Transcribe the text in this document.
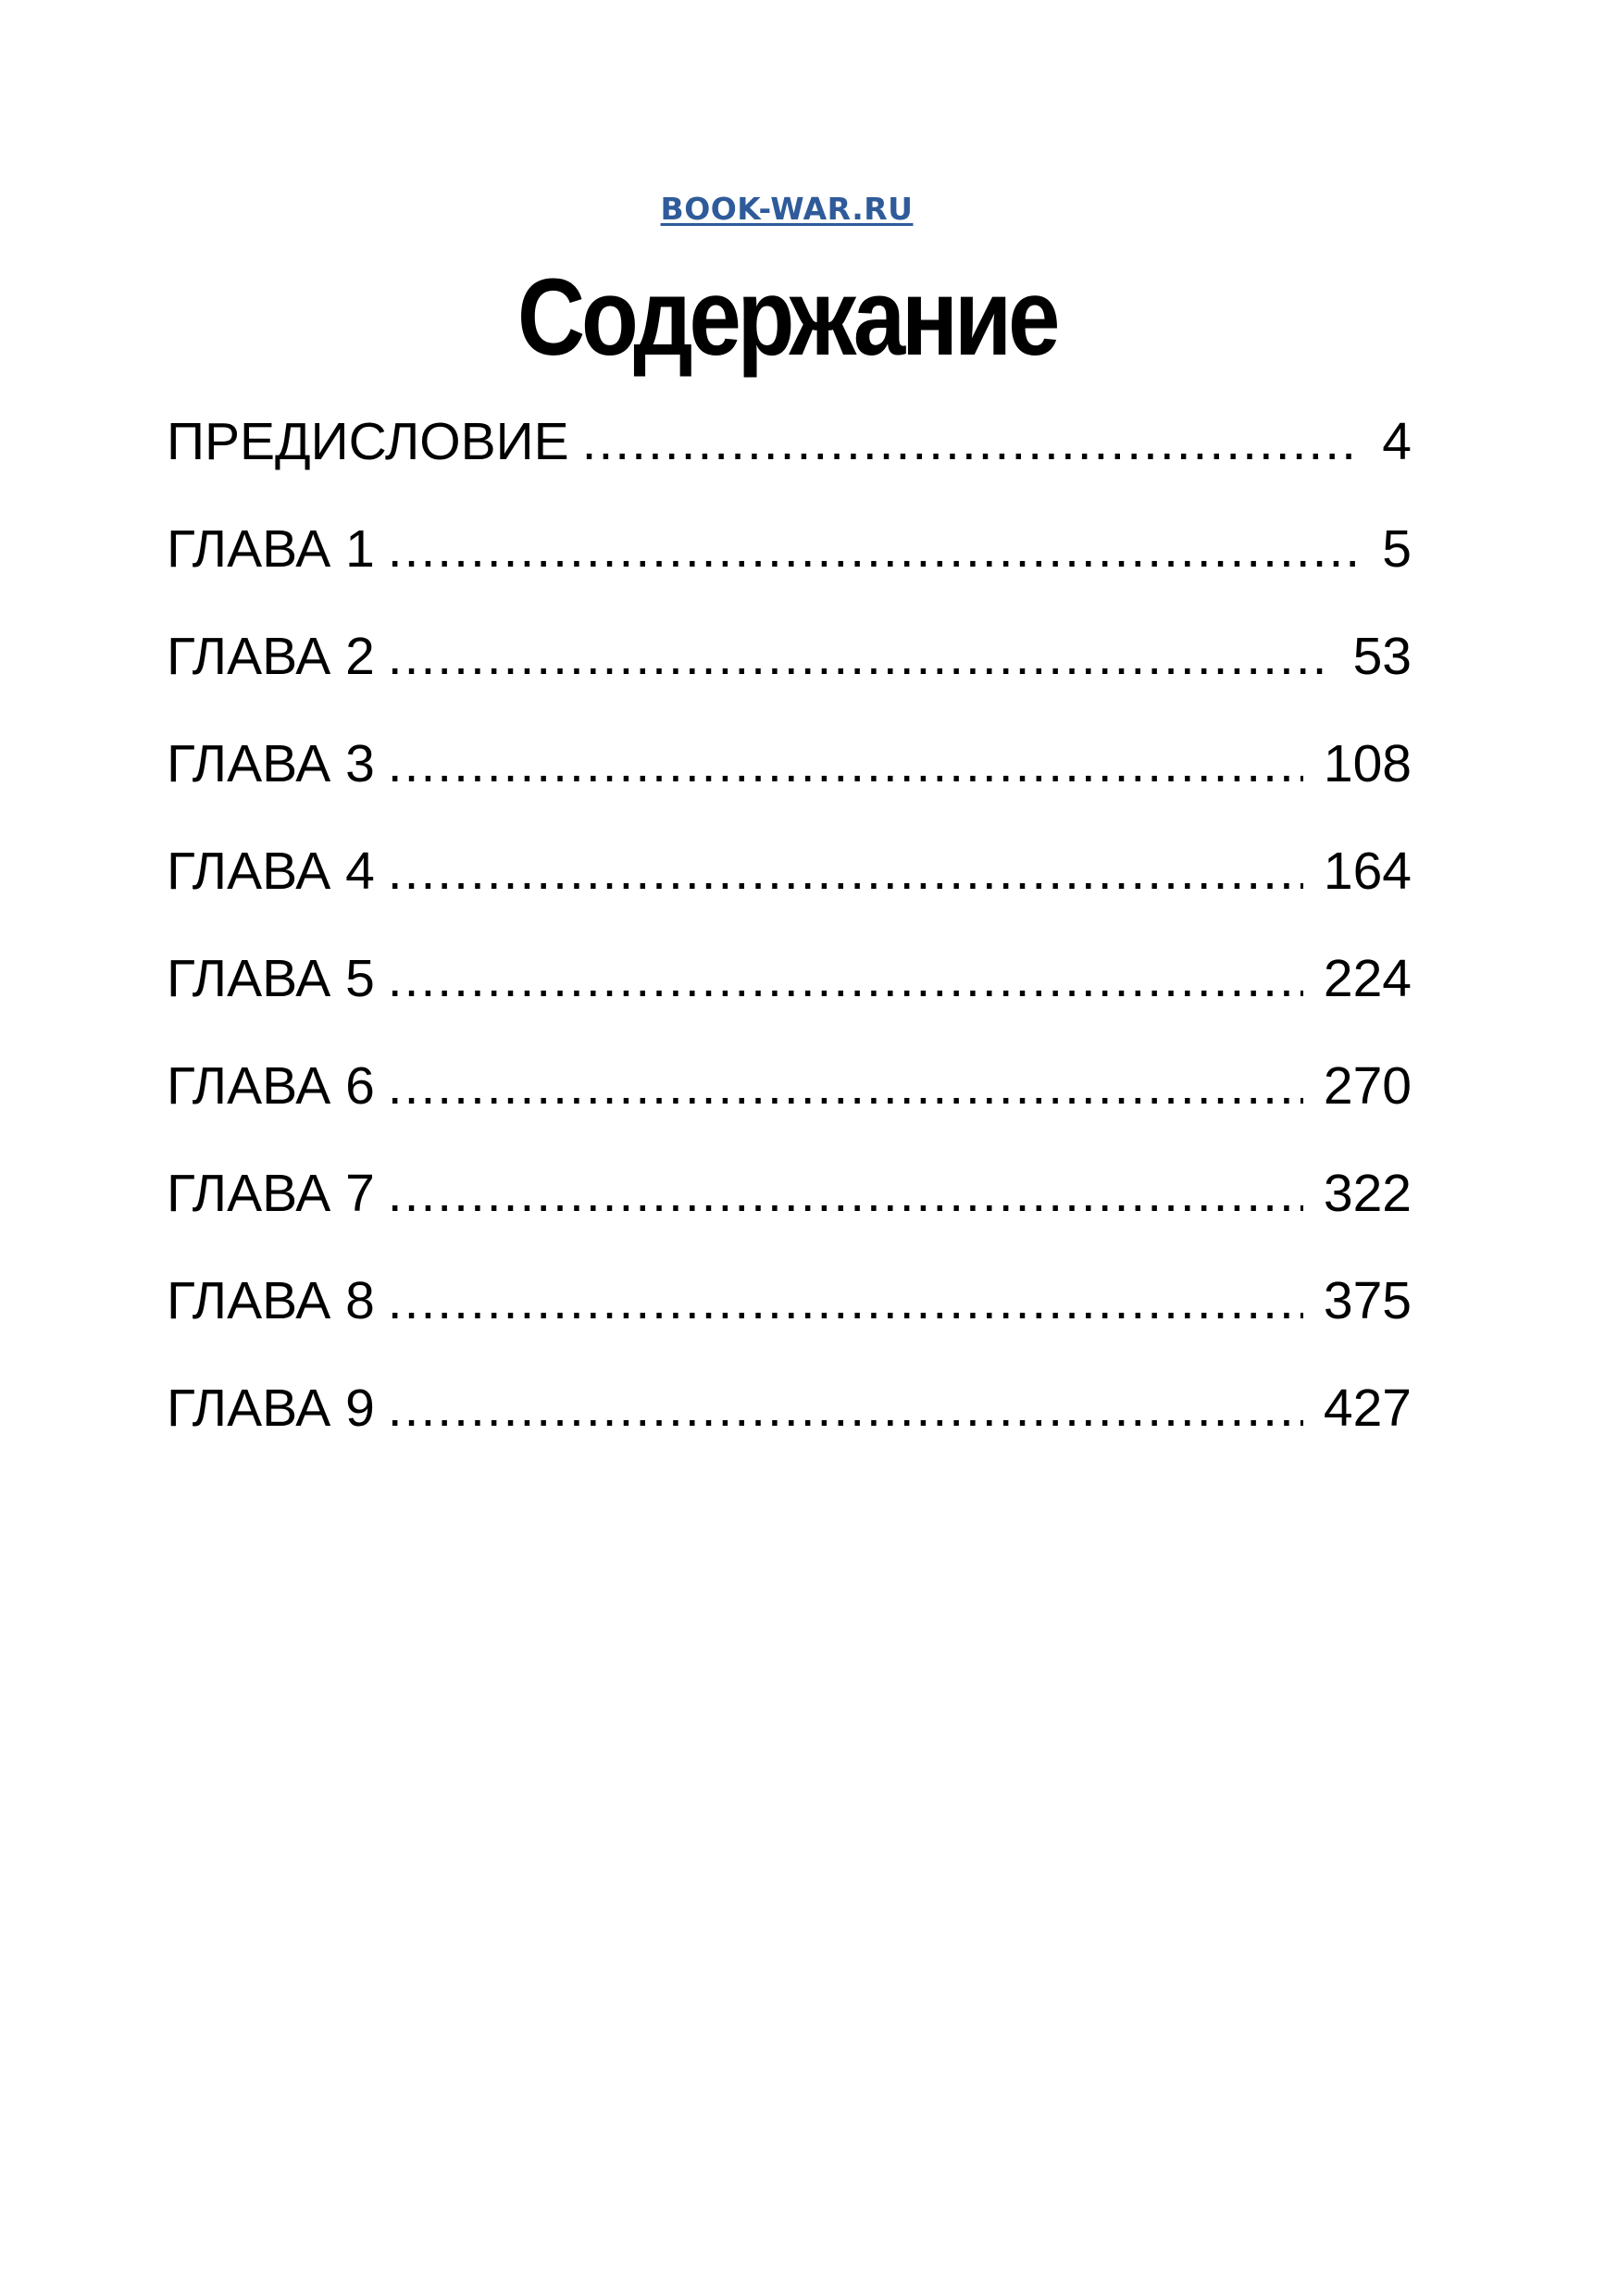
BOOK-WAR.RU
Содержание
ПРЕДИСЛОВИЕ .....	4
ГЛАВА 1 .....	5
ГЛАВА 2 .....	53
ГЛАВА 3 .....	108
ГЛАВА 4 .....	164
ГЛАВА 5 .....	224
ГЛАВА 6 .....	270
ГЛАВА 7 .....	322
ГЛАВА 8 .....	375
ГЛАВА 9 .....	427
